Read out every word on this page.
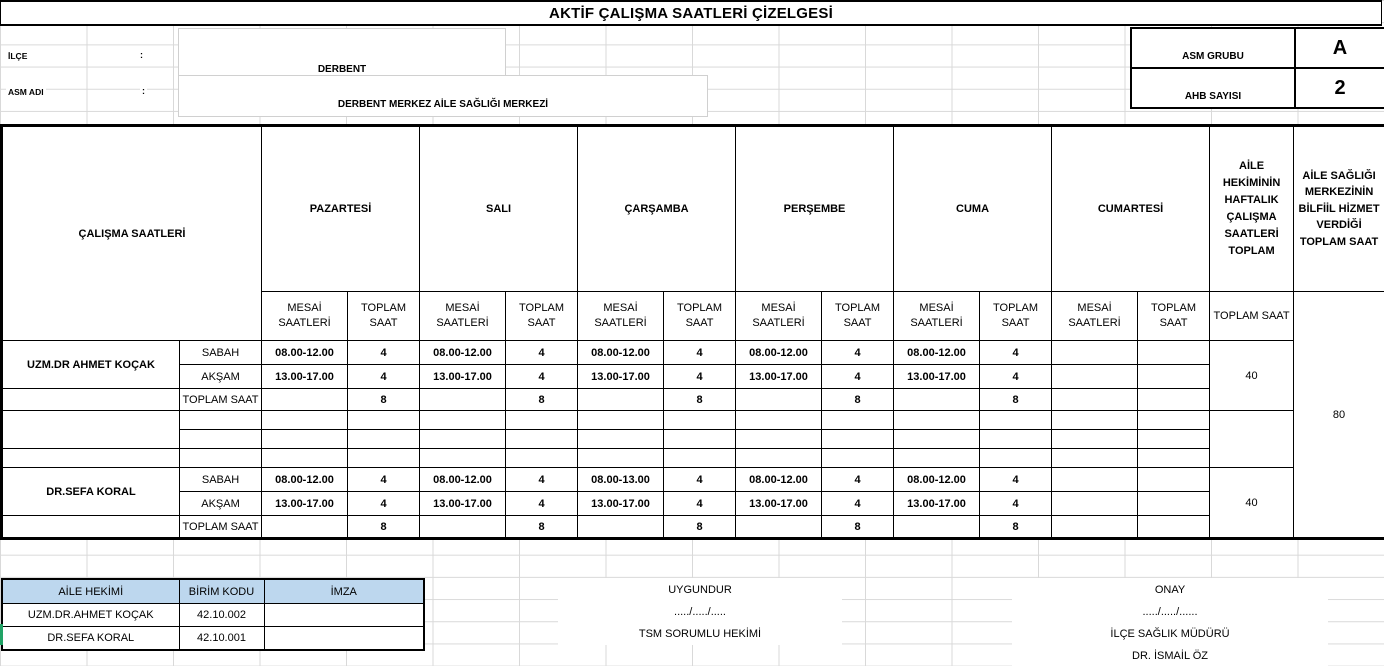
AKTİF ÇALIŞMA SAATLERİ ÇİZELGESİ
İLÇE	:
DERBENT
ASM ADI	:
DERBENT MERKEZ AİLE SAĞLIĞI MERKEZİ
ASM GRUBU	A
AHB SAYISI	2
ÇALIŞMA SAATLERİ		PAZARTESİ		SALI		ÇARŞAMBA		PERŞEMBE		CUMA		CUMARTESİ		AİLE HEKİMİNİN HAFTALIK ÇALIŞMA SAATLERİ TOPLAM	AİLE SAĞLIĞI MERKEZİNİN BİLFİİL HİZMET VERDİĞİ TOPLAM SAAT
		MESAİ SAATLERİ	TOPLAM SAAT	MESAİ SAATLERİ	TOPLAM SAAT	MESAİ SAATLERİ	TOPLAM SAAT	MESAİ SAATLERİ	TOPLAM SAAT	MESAİ SAATLERİ	TOPLAM SAAT	MESAİ SAATLERİ	TOPLAM SAAT	TOPLAM SAAT	80
UZM.DR AHMET KOÇAK	SABAH	08.00-12.00	4	08.00-12.00	4	08.00-12.00	4	08.00-12.00	4	08.00-12.00	4			40	
	AKŞAM	13.00-17.00	4	13.00-17.00	4	13.00-17.00	4	13.00-17.00	4	13.00-17.00	4				
	TOPLAM SAAT		8		8		8		8		8				

DR.SEFA KORAL	SABAH	08.00-12.00	4	08.00-12.00	4	08.00-13.00	4	08.00-12.00	4	08.00-12.00	4			40	
	AKŞAM	13.00-17.00	4	13.00-17.00	4	13.00-17.00	4	13.00-17.00	4	13.00-17.00	4				
	TOPLAM SAAT		8		8		8		8		8				
AİLE HEKİMİ	BİRİM KODU	İMZA
UZM.DR.AHMET KOÇAK	42.10.002	
DR.SEFA KORAL	42.10.001	
UYGUNDUR
...../...../.....
TSM SORUMLU HEKİMİ
ONAY
...../...../......
İLÇE SAĞLIK MÜDÜRÜ
DR. İSMAİL ÖZ
